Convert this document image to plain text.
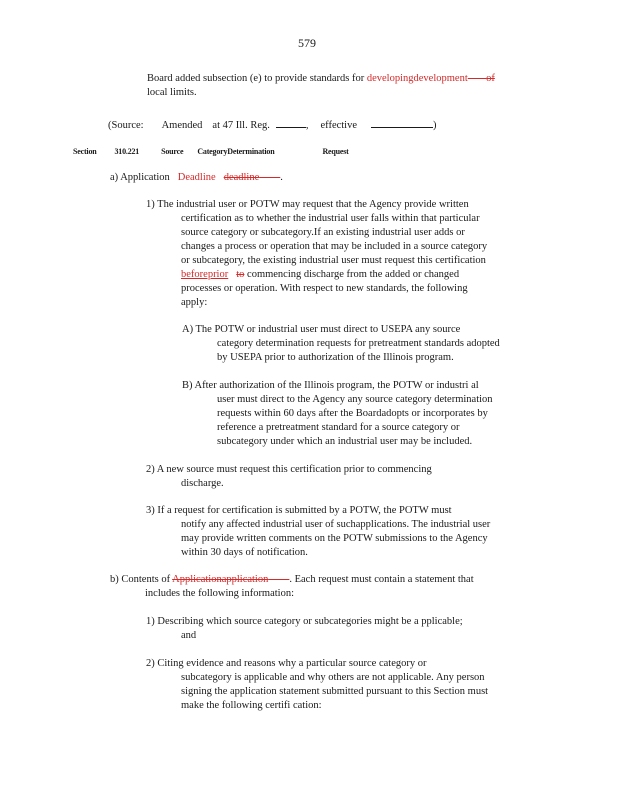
579
Board added subsection (e) to provide standards for developingdevelopment of
local limits.
(Source: Amended at 47 Ill. Reg.	, effective	)
Section 310.221	Source CategoryDetermination	Request
a) Application Deadline deadline .
1) The industrial user or POTW may request that the Agency provide written
certification as to whether the industrial user falls within that particular
source category or subcategory.If an existing industrial user adds or
changes a process or operation that may be included in a source category
or subcategory, the existing industrial user must request this certification
beforeprior to commencing discharge from the added or changed
processes or operation. With respect to new standards, the following
apply:
A) The POTW or industrial user must direct to USEPA any source
category determination requests for pretreatment standards adopted
by USEPA prior to authorization of the Illinois program.
B) After authorization of the Illinois program, the POTW or industri al
user must direct to the Agency any source category determination
requests within 60 days after the Boardadopts or incorporates by
reference a pretreatment standard for a source category or
subcategory under which an industrial user may be included.
2) A new source must request this certification prior to commencing
discharge.
3) If a request for certification is submitted by a POTW, the POTW must
notify any affected industrial user of suchapplications. The industrial user
may provide written comments on the POTW submissions to the Agency
within 30 days of notification.
b) Contents of Applicationapplication . Each request must contain a statement that
includes the following information:
1) Describing which source category or subcategories might be a pplicable;
and
2) Citing evidence and reasons why a particular source category or
subcategory is applicable and why others are not applicable. Any person
signing the application statement submitted pursuant to this Section must
make the following certifi cation:
